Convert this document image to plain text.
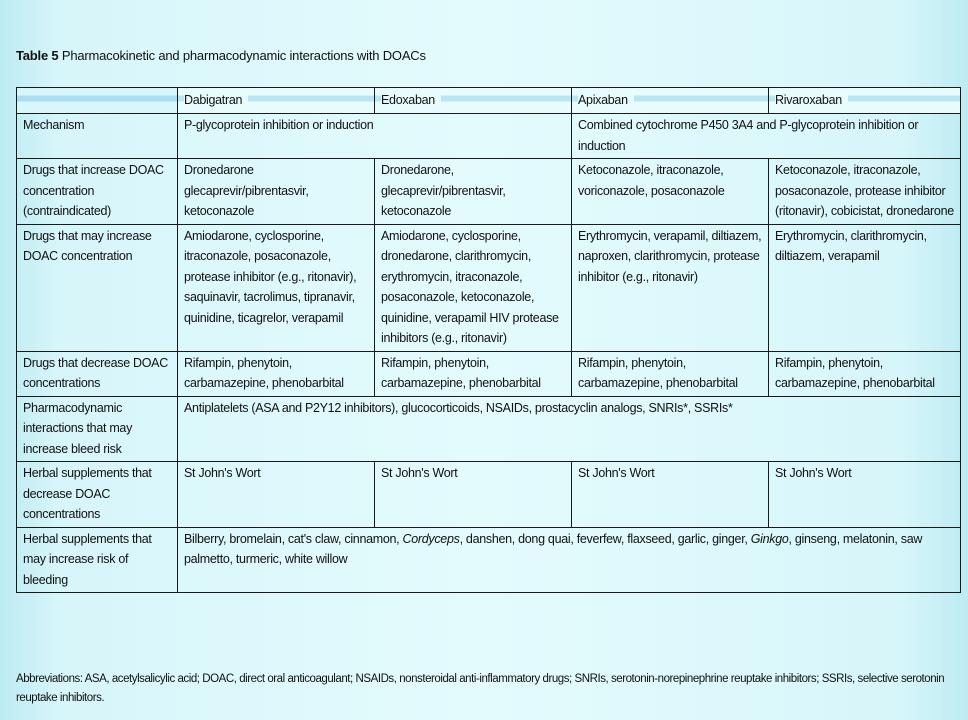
Table 5 Pharmacokinetic and pharmacodynamic interactions with DOACs
	Dabigatran	Edoxaban	Apixaban	Rivaroxaban
Mechanism	P-glycoprotein inhibition or induction		Combined cytochrome P450 3A4 and P-glycoprotein inhibition or induction	
Drugs that increase DOAC concentration (contraindicated)	Dronedarone glecaprevir/pibrentasvir, ketoconazole	Dronedarone, glecaprevir/pibrentasvir, ketoconazole	Ketoconazole, itraconazole, voriconazole, posaconazole	Ketoconazole, itraconazole, posaconazole, protease inhibitor (ritonavir), cobicistat, dronedarone
Drugs that may increase DOAC concentration	Amiodarone, cyclosporine, itraconazole, posaconazole, protease inhibitor (e.g., ritonavir), saquinavir, tacrolimus, tipranavir, quinidine, ticagrelor, verapamil	Amiodarone, cyclosporine, dronedarone, clarithromycin, erythromycin, itraconazole, posaconazole, ketoconazole, quinidine, verapamil HIV protease inhibitors (e.g., ritonavir)	Erythromycin, verapamil, diltiazem, naproxen, clarithromycin, protease inhibitor (e.g., ritonavir)	Erythromycin, clarithromycin, diltiazem, verapamil
Drugs that decrease DOAC concentrations	Rifampin, phenytoin, carbamazepine, phenobarbital	Rifampin, phenytoin, carbamazepine, phenobarbital	Rifampin, phenytoin, carbamazepine, phenobarbital	Rifampin, phenytoin, carbamazepine, phenobarbital
Pharmacodynamic interactions that may increase bleed risk	Antiplatelets (ASA and P2Y12 inhibitors), glucocorticoids, NSAIDs, prostacyclin analogs, SNRIs*, SSRIs*			
Herbal supplements that decrease DOAC concentrations	St John's Wort	St John's Wort	St John's Wort	St John's Wort
Herbal supplements that may increase risk of bleeding	Bilberry, bromelain, cat's claw, cinnamon, Cordyceps, danshen, dong quai, feverfew, flaxseed, garlic, ginger, Ginkgo, ginseng, melatonin, saw palmetto, turmeric, white willow			
Abbreviations: ASA, acetylsalicylic acid; DOAC, direct oral anticoagulant; NSAIDs, nonsteroidal anti-inflammatory drugs; SNRIs, serotonin-norepinephrine reuptake inhibitors; SSRIs, selective serotonin reuptake inhibitors.
